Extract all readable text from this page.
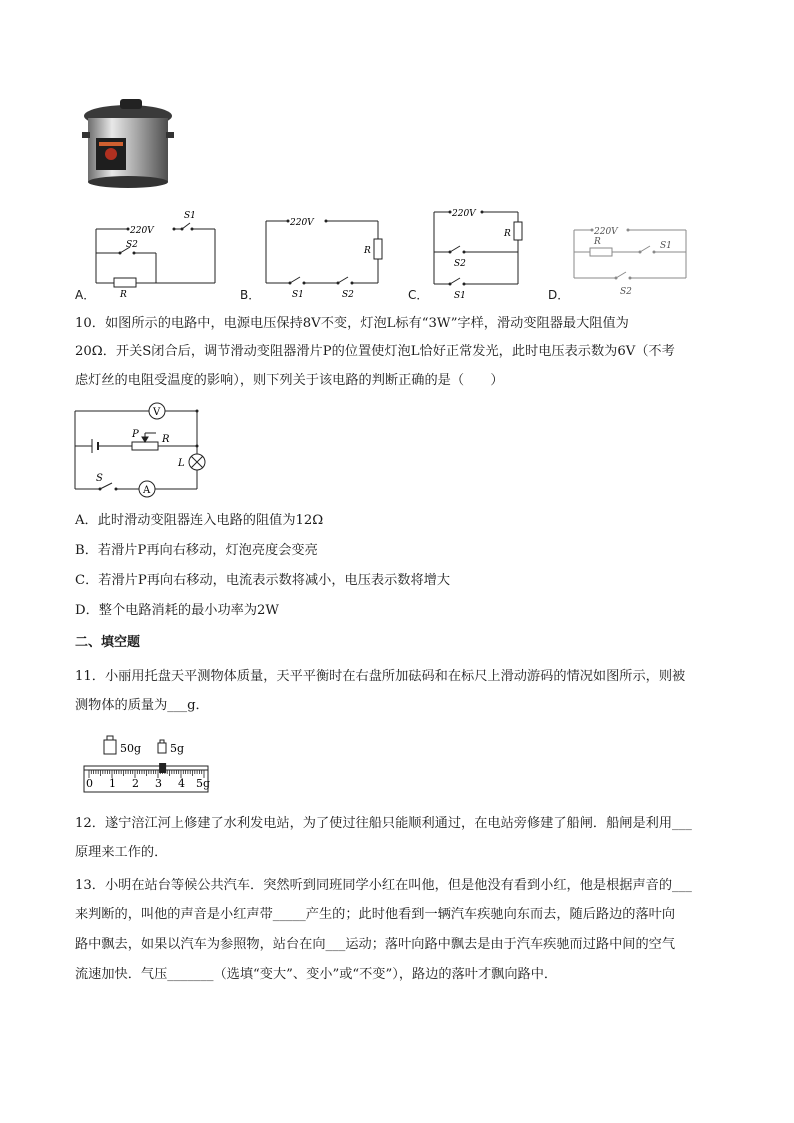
220V
S1
S2
R
A．
220V
R
S1	S2
B．
220V
R
S2
S1
C．
220V
R	S1
S2
D．
10．如图所示的电路中，电源电压保持8V不变，灯泡L标有“3W”字样，滑动变阻器最大阻值为
20Ω．开关S闭合后，调节滑动变阻器滑片P的位置使灯泡L恰好正常发光，此时电压表示数为6V（不考
虑灯丝的电阻受温度的影响），则下列关于该电路的判断正确的是（　　）
V
A
P R
L
S
A．此时滑动变阻器连入电路的阻值为12Ω
B．若滑片P再向右移动，灯泡亮度会变亮
C．若滑片P再向右移动，电流表示数将减小，电压表示数将增大
D．整个电路消耗的最小功率为2W
二、填空题
11．小丽用托盘天平测物体质量，天平平衡时在右盘所加砝码和在标尺上滑动游码的情况如图所示，则被
测物体的质量为___g．
50g	5g
0 1 2 3 4 5g
12．遂宁涪江河上修建了水利发电站，为了使过往船只能顺利通过，在电站旁修建了船闸．船闸是利用___
原理来工作的．
13．小明在站台等候公共汽车．突然听到同班同学小红在叫他，但是他没有看到小红，他是根据声音的___
来判断的，叫他的声音是小红声带_____产生的；此时他看到一辆汽车疾驰向东而去，随后路边的落叶向
路中飘去，如果以汽车为参照物，站台在向___运动；落叶向路中飘去是由于汽车疾驰而过路中间的空气
流速加快．气压_______（选填“变大”、变小”或“不变”），路边的落叶才飘向路中．
